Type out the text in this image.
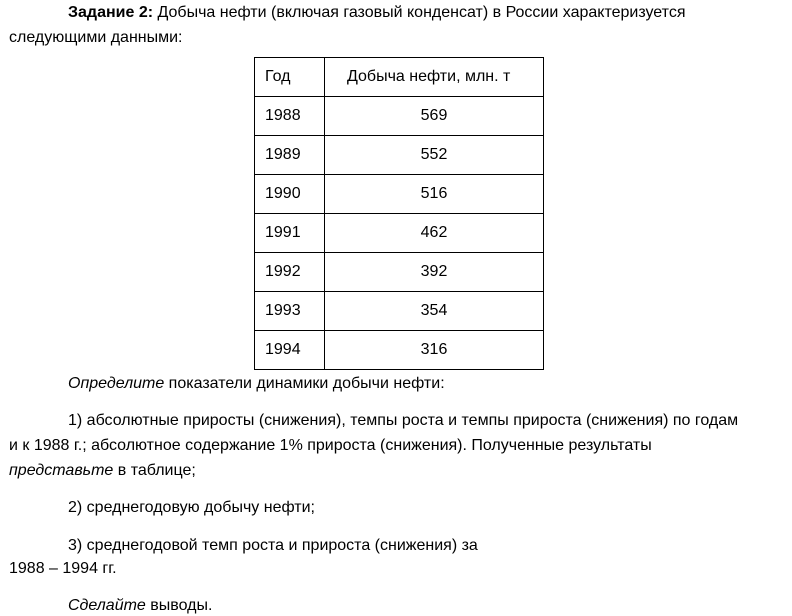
Задание 2: Добыча нефти (включая газовый конденсат) в России характеризуется
следующими данными:
Год	Добыча нефти, млн. т
1988	569
1989	552
1990	516
1991	462
1992	392
1993	354
1994	316
Определите показатели динамики добычи нефти:
1) абсолютные приросты (снижения), темпы роста и темпы прироста (снижения) по годам
и к 1988 г.; абсолютное содержание 1% прироста (снижения). Полученные результаты
представьте в таблице;
2) среднегодовую добычу нефти;
3) среднегодовой темп роста и прироста (снижения) за
1988 – 1994 гг.
Сделайте выводы.
